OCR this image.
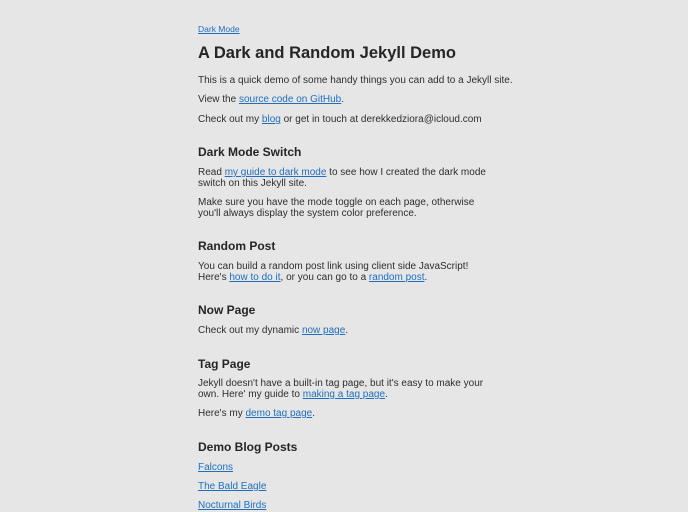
Dark Mode
A Dark and Random Jekyll Demo

This is a quick demo of some handy things you can add to a Jekyll site.

View the source code on GitHub.

Check out my blog or get in touch at derekkedziora@icloud.com

Dark Mode Switch

Read my guide to dark mode to see how I created the dark mode switch on this Jekyll site.

Make sure you have the mode toggle on each page, otherwise you'll always display the system color preference.

Random Post

You can build a random post link using client side JavaScript! Here's how to do it, or you can go to a random post.

Now Page

Check out my dynamic now page.

Tag Page

Jekyll doesn't have a built-in tag page, but it's easy to make your own. Here' my guide to making a tag page.

Here's my demo tag page.

Demo Blog Posts

Falcons

The Bald Eagle

Nocturnal Birds
